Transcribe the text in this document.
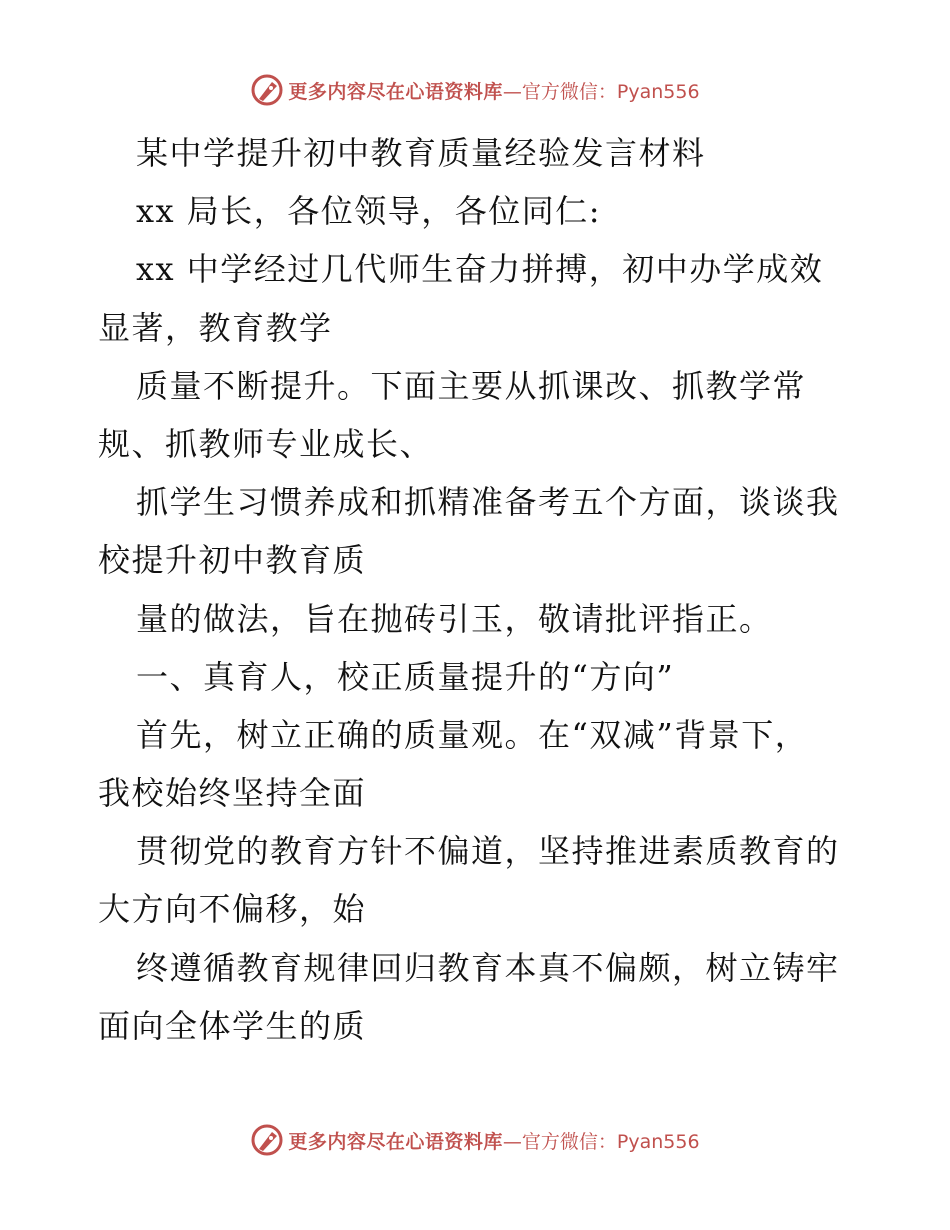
更多内容尽在心语资料库 —官方微信：Pyan556
某中学提升初中教育质量经验发言材料
xx 局长，各位领导，各位同仁:
xx 中学经过几代师生奋力拼搏，初中办学成效
显著，教育教学
质量不断提升。下面主要从抓课改、抓教学常
规、抓教师专业成长、
抓学生习惯养成和抓精准备考五个方面，谈谈我
校提升初中教育质
量的做法，旨在抛砖引玉，敬请批评指正。
一、真育人，校正质量提升的“方向”
首先，树立正确的质量观。在“双减”背景下，
我校始终坚持全面
贯彻党的教育方针不偏道，坚持推进素质教育的
大方向不偏移，始
终遵循教育规律回归教育本真不偏颇，树立铸牢
面向全体学生的质
更多内容尽在心语资料库 —官方微信：Pyan556
